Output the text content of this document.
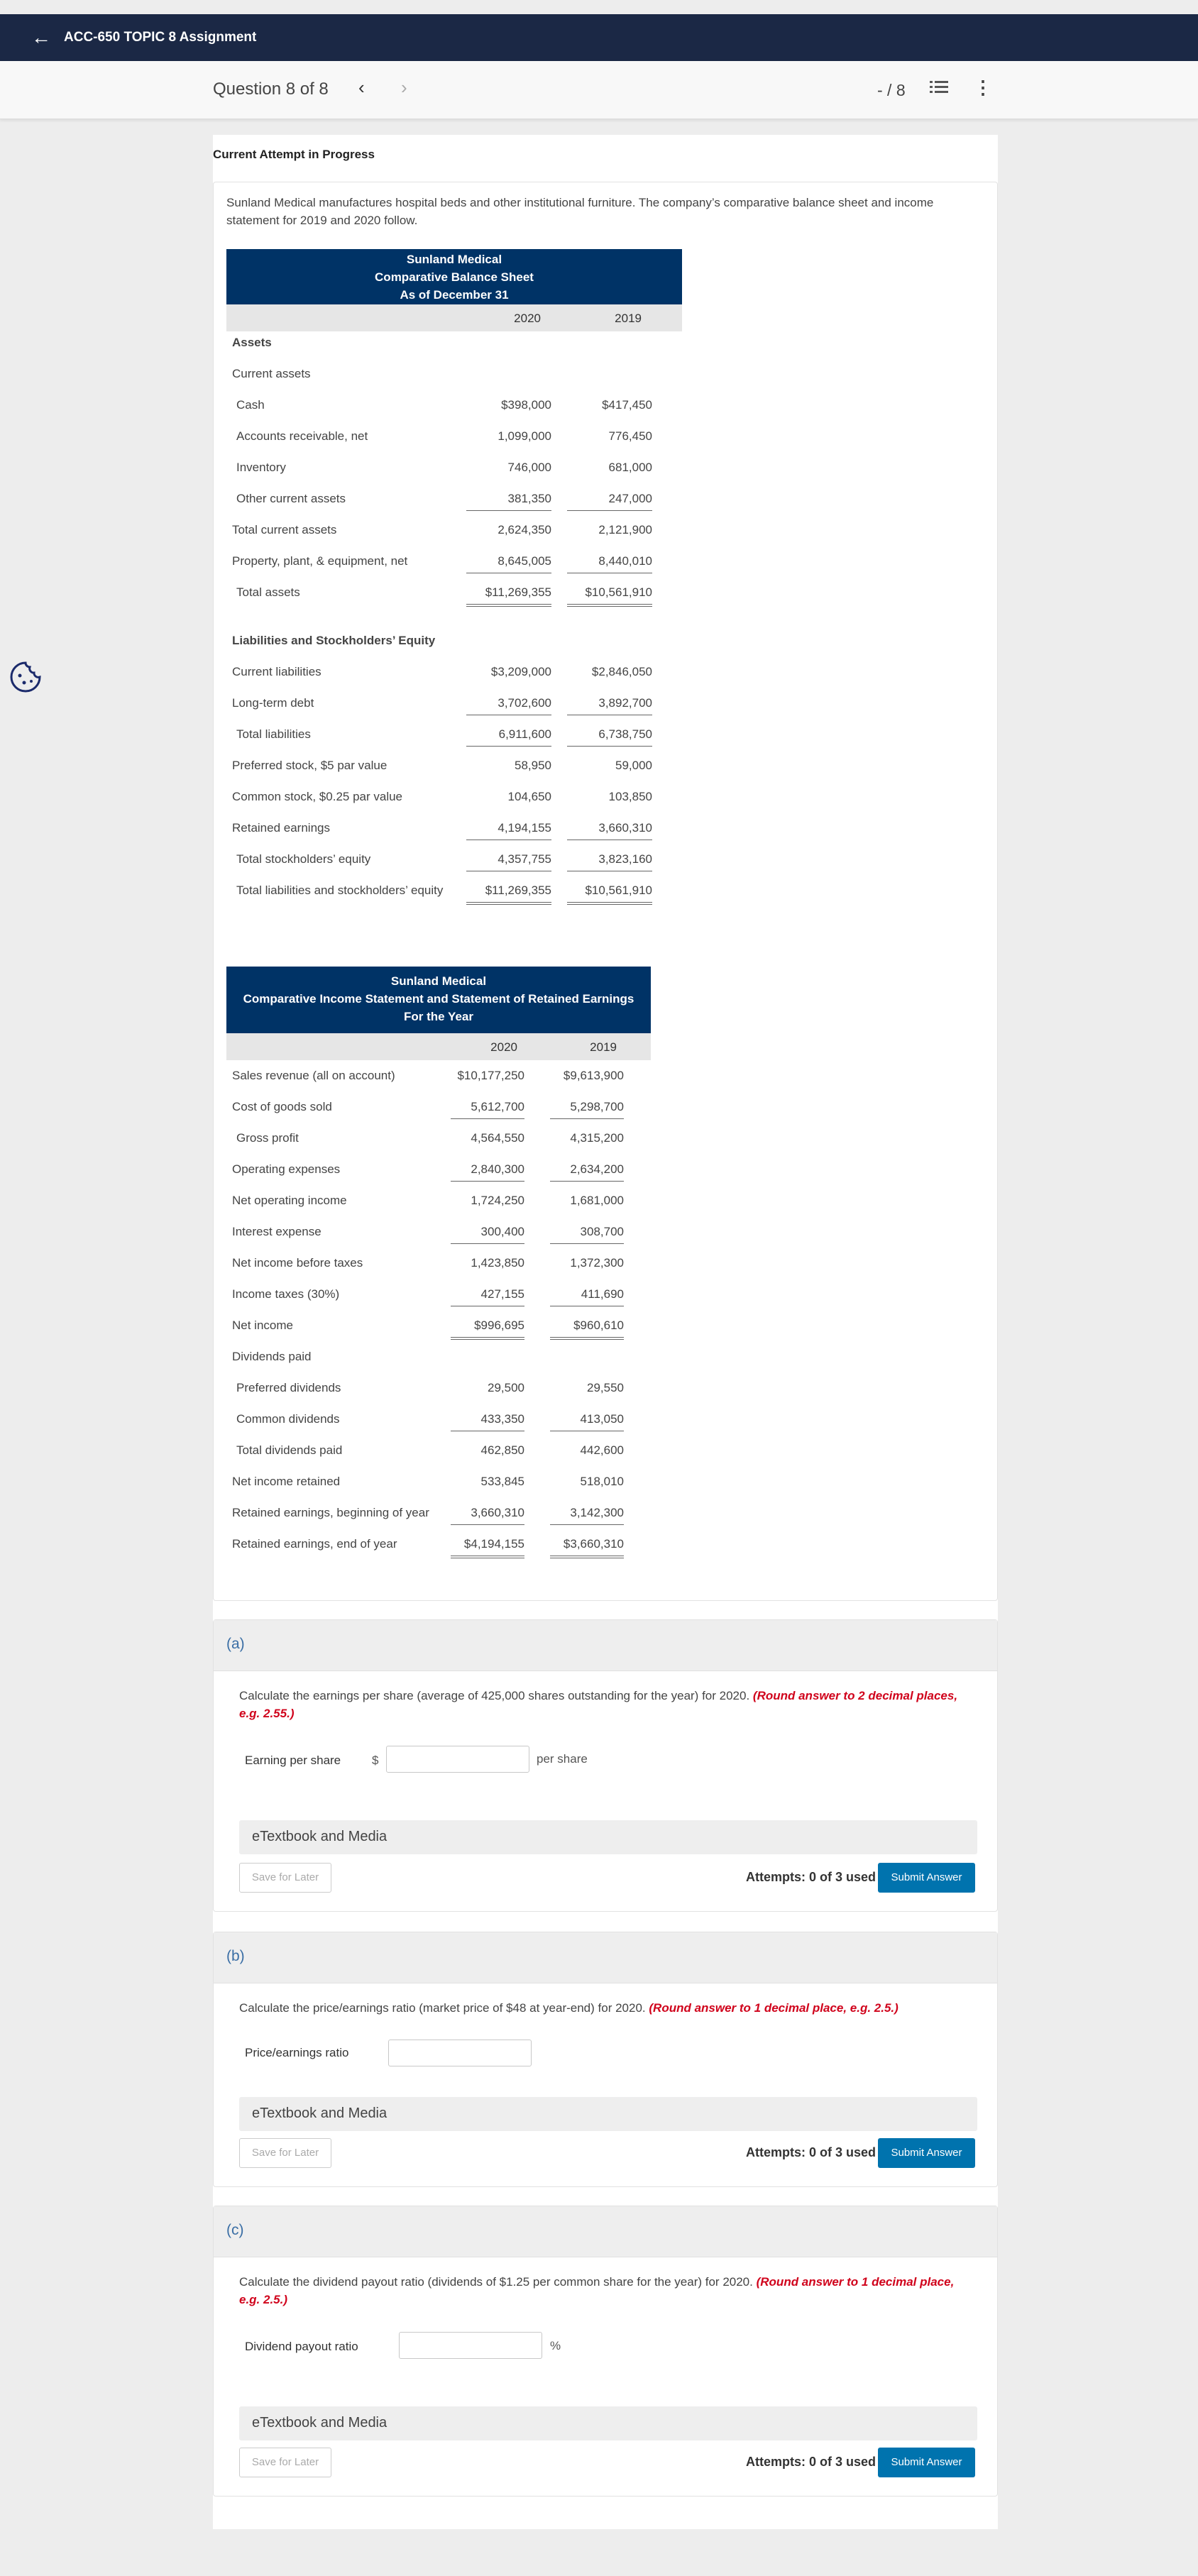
← ACC-650 TOPIC 8 Assignment
Question 8 of 8 ‹ ›	- / 8	⋮
Current Attempt in Progress
Sunland Medical manufactures hospital beds and other institutional furniture. The company’s comparative balance sheet and income statement for 2019 and 2020 follow.
Sunland Medical
Comparative Balance Sheet
As of December 31
2020	2019
Assets
Current assets
Cash	$398,000	$417,450
Accounts receivable, net	1,099,000	776,450
Inventory	746,000	681,000
Other current assets	381,350	247,000
Total current assets	2,624,350	2,121,900
Property, plant, & equipment, net	8,645,005	8,440,010
Total assets	$11,269,355	$10,561,910
Liabilities and Stockholders’ Equity
Current liabilities	$3,209,000	$2,846,050
Long-term debt	3,702,600	3,892,700
Total liabilities	6,911,600	6,738,750
Preferred stock, $5 par value	58,950	59,000
Common stock, $0.25 par value	104,650	103,850
Retained earnings	4,194,155	3,660,310
Total stockholders’ equity	4,357,755	3,823,160
Total liabilities and stockholders’ equity	$11,269,355	$10,561,910
Sunland Medical
Comparative Income Statement and Statement of Retained Earnings
For the Year
2020	2019
Sales revenue (all on account)	$10,177,250	$9,613,900
Cost of goods sold	5,612,700	5,298,700
Gross profit	4,564,550	4,315,200
Operating expenses	2,840,300	2,634,200
Net operating income	1,724,250	1,681,000
Interest expense	300,400	308,700
Net income before taxes	1,423,850	1,372,300
Income taxes (30%)	427,155	411,690
Net income	$996,695	$960,610
Dividends paid
Preferred dividends	29,500	29,550
Common dividends	433,350	413,050
Total dividends paid	462,850	442,600
Net income retained	533,845	518,010
Retained earnings, beginning of year	3,660,310	3,142,300
Retained earnings, end of year	$4,194,155	$3,660,310
(a)
Calculate the earnings per share (average of 425,000 shares outstanding for the year) for 2020. (Round answer to 2 decimal places, e.g. 2.55.)
Earning per share	$	per share
eTextbook and Media
Save for Later	Attempts: 0 of 3 used	Submit Answer
(b)
Calculate the price/earnings ratio (market price of $48 at year-end) for 2020. (Round answer to 1 decimal place, e.g. 2.5.)
Price/earnings ratio
eTextbook and Media
Save for Later	Attempts: 0 of 3 used	Submit Answer
(c)
Calculate the dividend payout ratio (dividends of $1.25 per common share for the year) for 2020. (Round answer to 1 decimal place, e.g. 2.5.)
Dividend payout ratio	%
eTextbook and Media
Save for Later	Attempts: 0 of 3 used	Submit Answer
